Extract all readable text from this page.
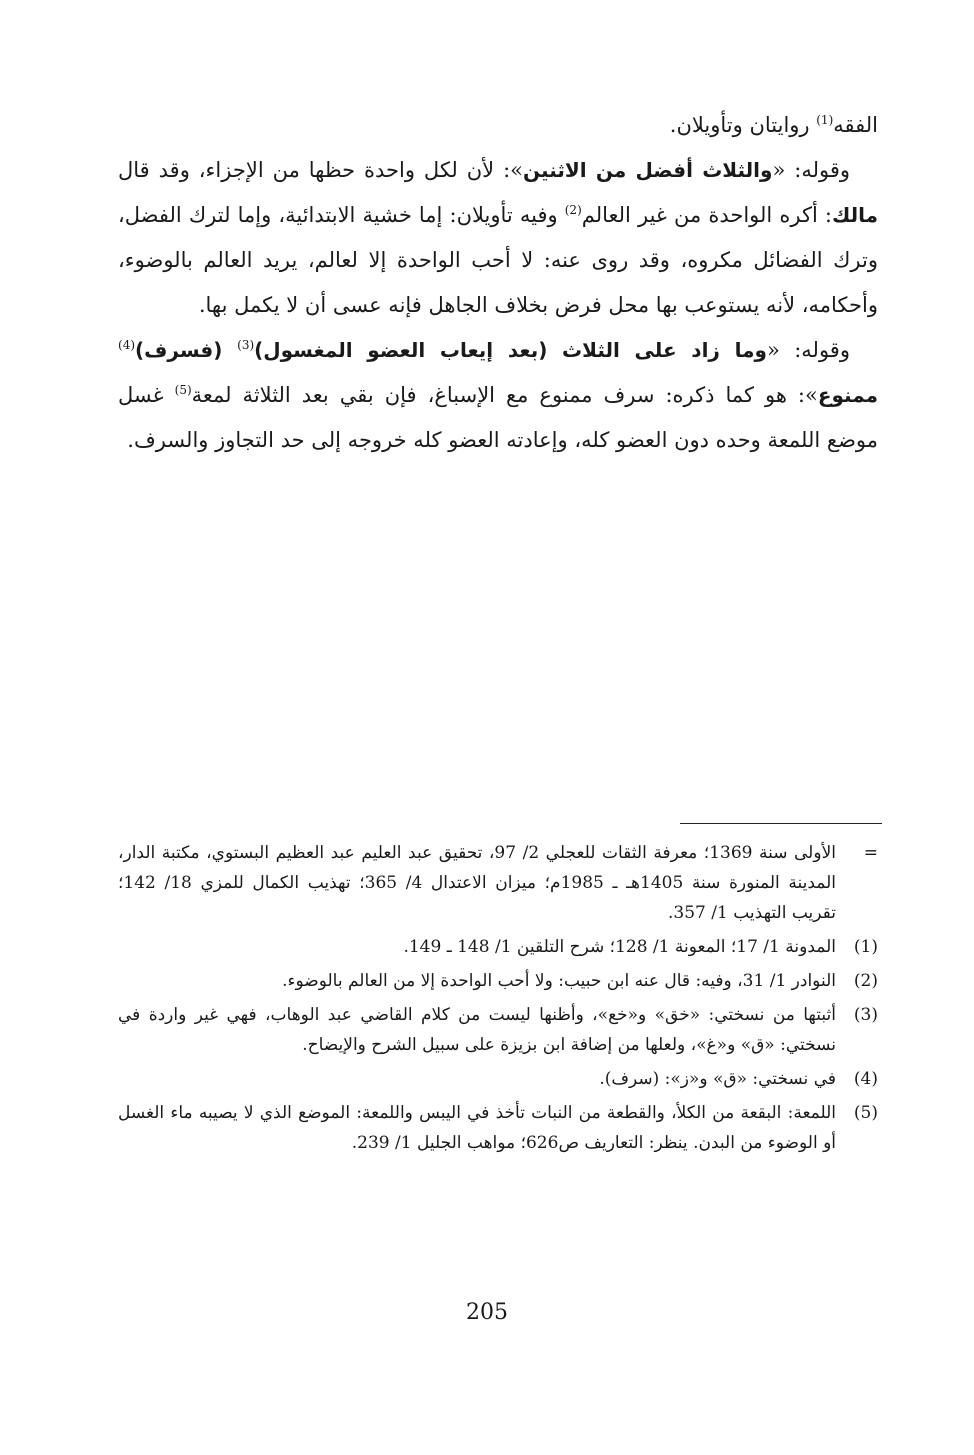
الفقه$^{(1)}$ روايتان وتأويلان.

وقوله: «والثلاث أفضل من الاثنين»: لأن لكل واحدة حظها من الإجزاء، وقد قال مالك: أكره الواحدة من غير العالم$^{(2)}$ وفيه تأويلان: إما خشية الابتدائية، وإما لترك الفضل، وترك الفضائل مكروه، وقد روى عنه: لا أحب الواحدة إلا لعالم، يريد العالم بالوضوء، وأحكامه، لأنه يستوعب بها محل فرض بخلاف الجاهل فإنه عسى أن لا يكمل بها.

وقوله: «وما زاد على الثلاث (بعد إيعاب العضو المغسول)$^{(3)}$ (فسرف)$^{(4)}$ ممنوع»: هو كما ذكره: سرف ممنوع مع الإسباغ، فإن بقي بعد الثلاثة لمعة$^{(5)}$ غسل موضع اللمعة وحده دون العضو كله، وإعادته العضو كله خروجه إلى حد التجاوز والسرف.

=
الأولى سنة 1369؛ معرفة الثقات للعجلي 2/ 97، تحقيق عبد العليم عبد العظيم البستوي، مكتبة الدار، المدينة المنورة سنة 1405هـ ـ 1985م؛ ميزان الاعتدال 4/ 365؛ تهذيب الكمال للمزي 18/ 142؛ تقريب التهذيب 1/ 357.
(1)
المدونة 1/ 17؛ المعونة 1/ 128؛ شرح التلقين 1/ 148 ـ 149.
(2)
النوادر 1/ 31، وفيه: قال عنه ابن حبيب: ولا أحب الواحدة إلا من العالم بالوضوء.
(3)
أثبتها من نسختي: «خق» و«خع»، وأظنها ليست من كلام القاضي عبد الوهاب، فهي غير واردة في نسختي: «ق» و«غ»، ولعلها من إضافة ابن بزيزة على سبيل الشرح والإيضاح.
(4)
في نسختي: «ق» و«ز»: (سرف).
(5)
اللمعة: البقعة من الكلأ، والقطعة من النبات تأخذ في اليبس واللمعة: الموضع الذي لا يصيبه ماء الغسل أو الوضوء من البدن. ينظر: التعاريف ص626؛ مواهب الجليل 1/ 239.
205
